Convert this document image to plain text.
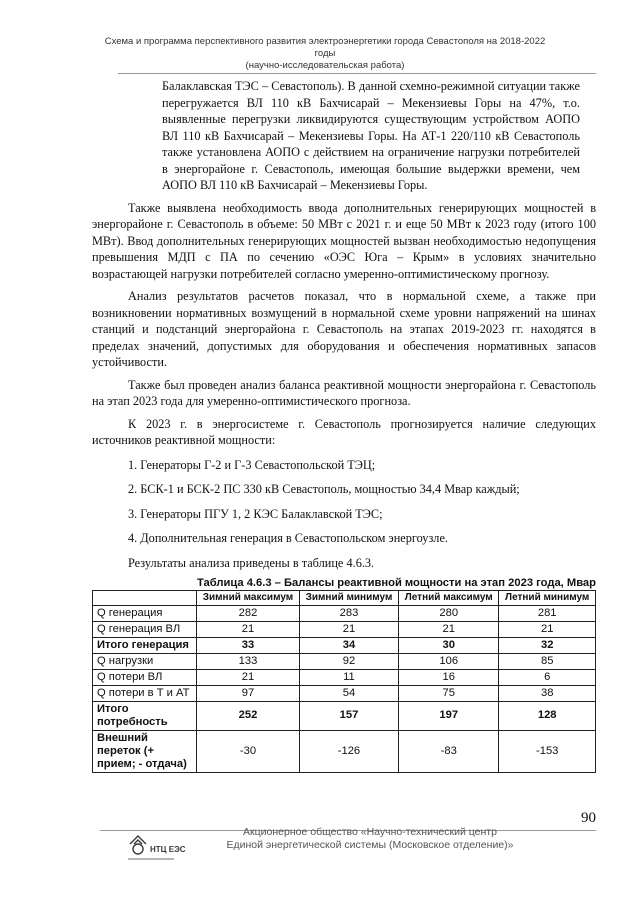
Схема и программа перспективного развития электроэнергетики города Севастополя на 2018-2022 годы
(научно-исследовательская работа)

Балаклавская ТЭС – Севастополь). В данной схемно-режимной ситуации также перегружается ВЛ 110 кВ Бахчисарай – Мекензиевы Горы на 47%, т.о. выявленные перегрузки ликвидируются существующим устройством АОПО ВЛ 110 кВ Бахчисарай – Мекензиевы Горы. На АТ-1 220/110 кВ Севастополь также установлена АОПО с действием на ограничение нагрузки потребителей в энергорайоне г. Севастополь, имеющая большие выдержки времени, чем АОПО ВЛ 110 кВ Бахчисарай – Мекензиевы Горы.

Также выявлена необходимость ввода дополнительных генерирующих мощностей в энергорайоне г. Севастополь в объеме: 50 МВт с 2021 г. и еще 50 МВт к 2023 году (итого 100 МВт). Ввод дополнительных генерирующих мощностей вызван необходимостью недопущения превышения МДП с ПА по сечению «ОЭС Юга – Крым» в условиях значительно возрастающей нагрузки потребителей согласно умеренно-оптимистическому прогнозу.

Анализ результатов расчетов показал, что в нормальной схеме, а также при возникновении нормативных возмущений в нормальной схеме уровни напряжений на шинах станций и подстанций энергорайона г. Севастополь на этапах 2019-2023 гг. находятся в пределах значений, допустимых для оборудования и обеспечения нормативных запасов устойчивости.

Также был проведен анализ баланса реактивной мощности энергорайона г. Севастополь на этап 2023 года для умеренно-оптимистического прогноза.

К 2023 г. в энергосистеме г. Севастополь прогнозируется наличие следующих источников реактивной мощности:

1. Генераторы Г-2 и Г-3 Севастопольской ТЭЦ;

2. БСК-1 и БСК-2 ПС 330 кВ Севастополь, мощностью 34,4 Мвар каждый;

3. Генераторы ПГУ 1, 2 КЭС Балаклавской ТЭС;

4. Дополнительная генерация в Севастопольском энергоузле.

Результаты анализа приведены в таблице 4.6.3.

Таблица 4.6.3 – Балансы реактивной мощности на этап 2023 года, Мвар
	Зимний максимум	Зимний минимум	Летний максимум	Летний минимум
Q генерация	282	283	280	281
Q генерация ВЛ	21	21	21	21
Итого генерация	33	34	30	32
Q нагрузки	133	92	106	85
Q потери ВЛ	21	11	16	6
Q потери в Т и АТ	97	54	75	38
Итого потребность	252	157	197	128
Внешний переток (+ прием; - отдача)	-30	-126	-83	-153
90
НТЦ ЕЭС
Акционерное общество «Научно-технический центр
Единой энергетической системы (Московское отделение)»
